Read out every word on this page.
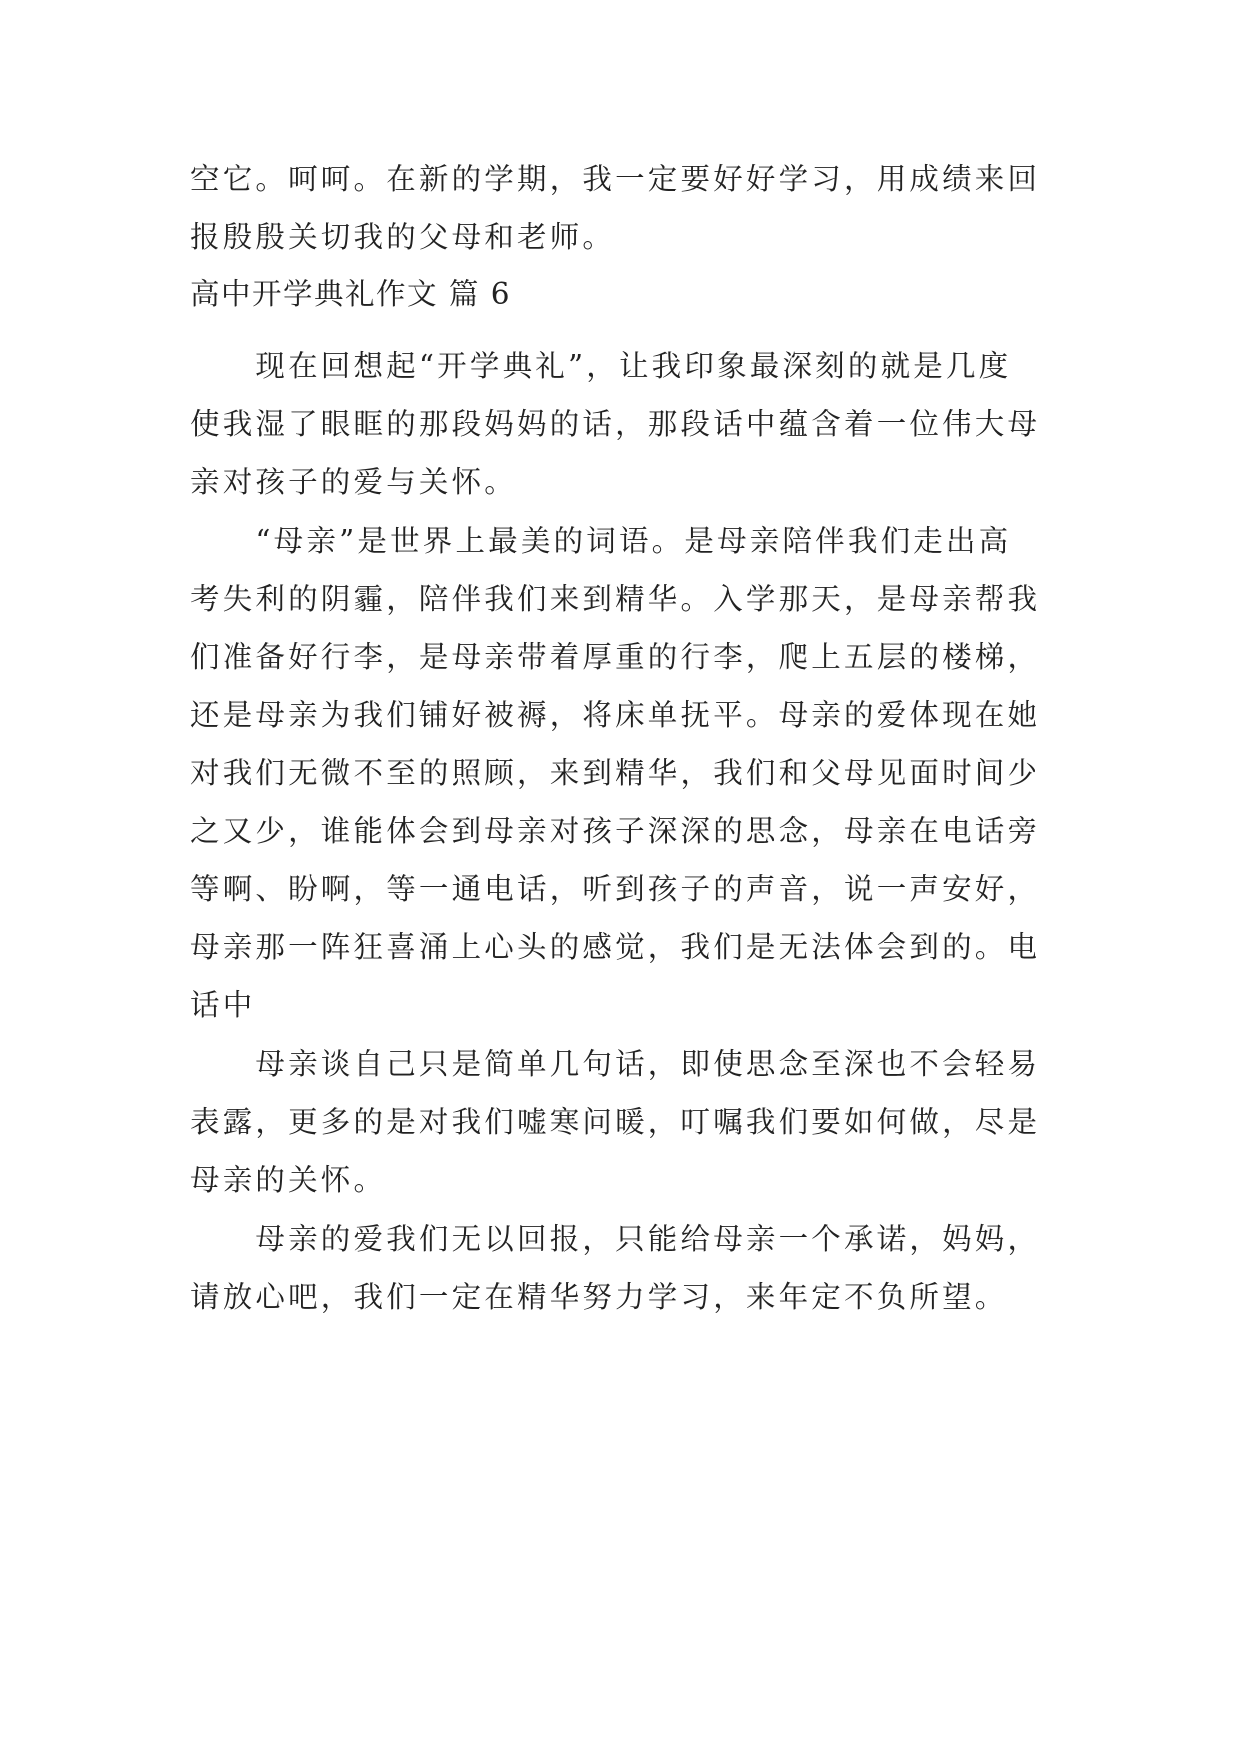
空它。呵呵。在新的学期，我一定要好好学习，用成绩来回
报殷殷关切我的父母和老师。
高中开学典礼作文 篇 6
　　现在回想起“开学典礼”，让我印象最深刻的就是几度
使我湿了眼眶的那段妈妈的话，那段话中蕴含着一位伟大母
亲对孩子的爱与关怀。
　　“母亲”是世界上最美的词语。是母亲陪伴我们走出高
考失利的阴霾，陪伴我们来到精华。入学那天，是母亲帮我
们准备好行李，是母亲带着厚重的行李，爬上五层的楼梯，
还是母亲为我们铺好被褥，将床单抚平。母亲的爱体现在她
对我们无微不至的照顾，来到精华，我们和父母见面时间少
之又少，谁能体会到母亲对孩子深深的思念，母亲在电话旁
等啊、盼啊，等一通电话，听到孩子的声音，说一声安好，
母亲那一阵狂喜涌上心头的感觉，我们是无法体会到的。电
话中
　　母亲谈自己只是简单几句话，即使思念至深也不会轻易
表露，更多的是对我们嘘寒问暖，叮嘱我们要如何做，尽是
母亲的关怀。
　　母亲的爱我们无以回报，只能给母亲一个承诺，妈妈，
请放心吧，我们一定在精华努力学习，来年定不负所望。
